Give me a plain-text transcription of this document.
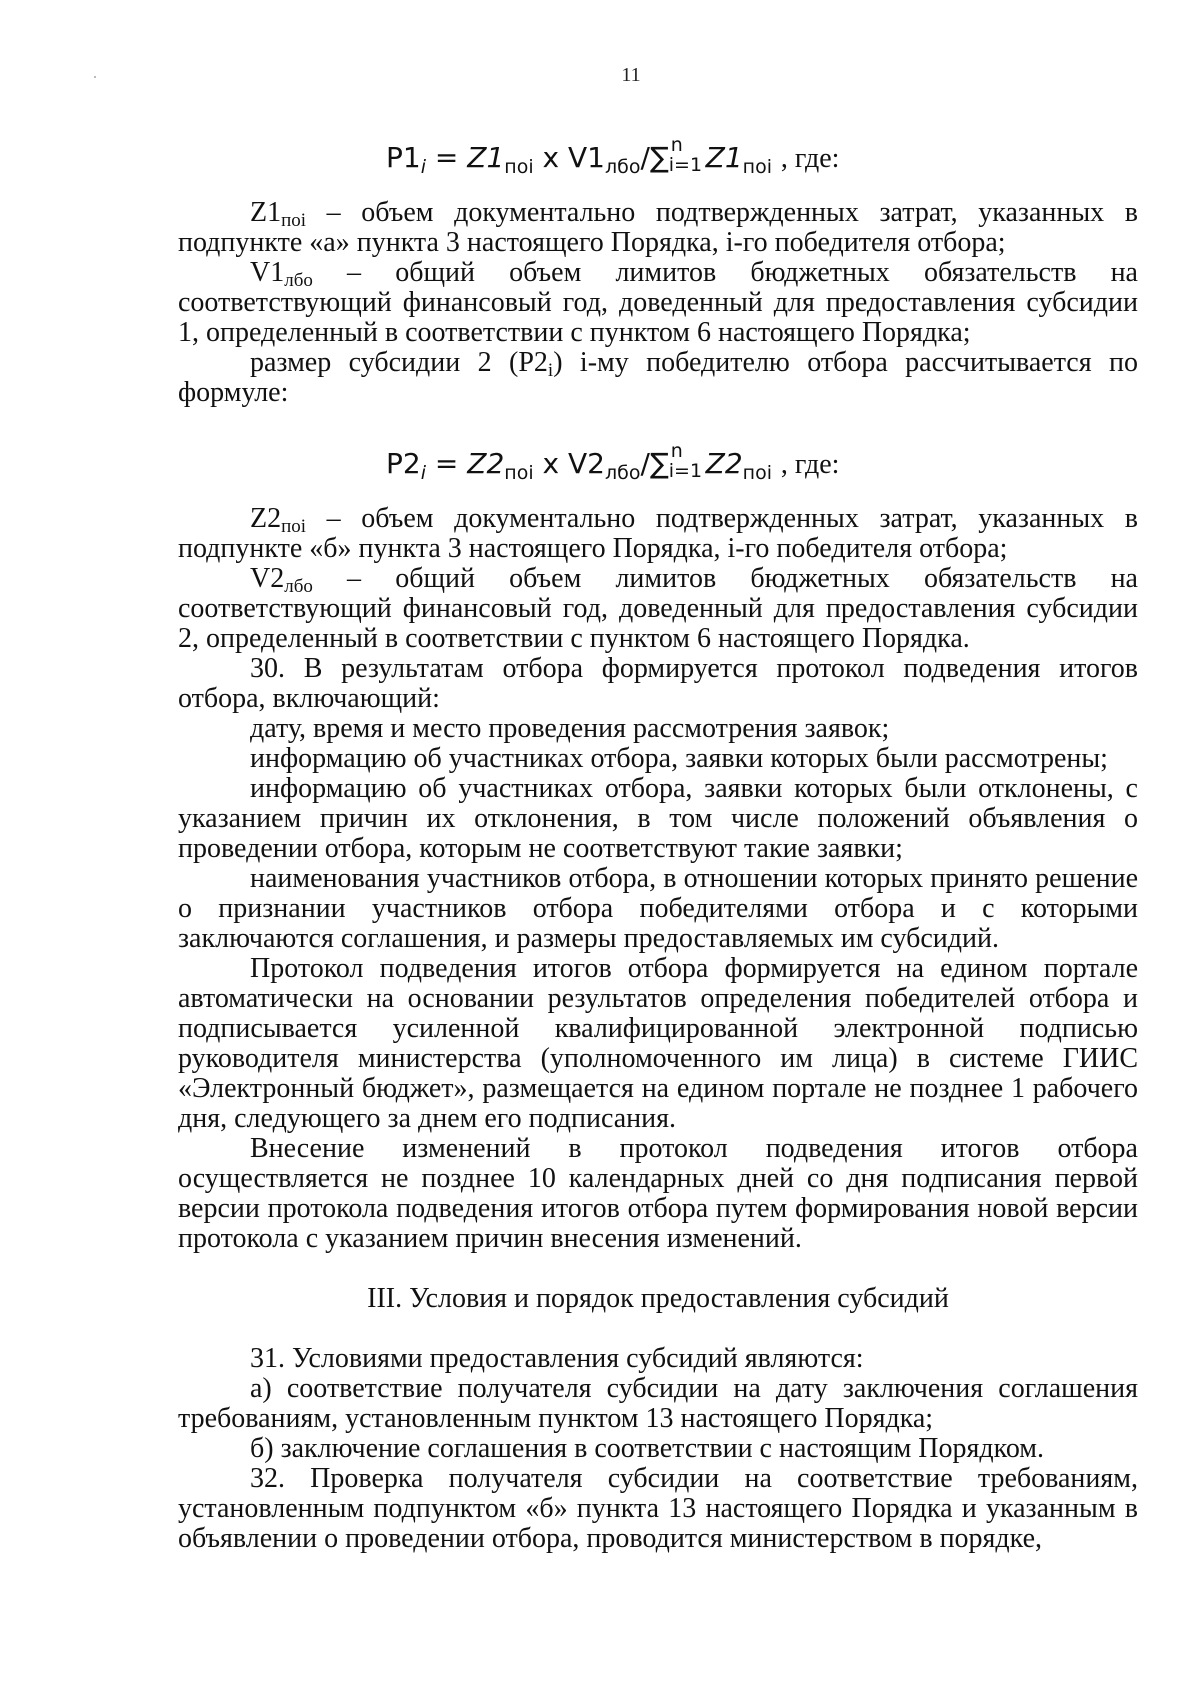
11
$P1_i = Z1_{поi}$ x $V1_{лбо}/\sum$ n
i=1 $Z1_{поi}$ , где:

$Z1_{поi}$ – объем документально подтвержденных затрат, указанных в подпункте «а» пункта 3 настоящего Порядка, i-го победителя отбора;

$V1_{лбо}$ – общий объем лимитов бюджетных обязательств на соответствующий финансовый год, доведенный для предоставления субсидии 1, определенный в соответствии с пунктом 6 настоящего Порядка;

размер субсидии 2 $(P2_i)$ i-му победителю отбора рассчитывается по формуле:

$P2_i = Z2_{поi}$ x $V2_{лбо}/\sum$ n
i=1 $Z2_{поi}$ , где:

$Z2_{поi}$ – объем документально подтвержденных затрат, указанных в подпункте «б» пункта 3 настоящего Порядка, i-го победителя отбора;

$V2_{лбо}$ – общий объем лимитов бюджетных обязательств на соответствующий финансовый год, доведенный для предоставления субсидии 2, определенный в соответствии с пунктом 6 настоящего Порядка.

30. В результатам отбора формируется протокол подведения итогов отбора, включающий:

дату, время и место проведения рассмотрения заявок;

информацию об участниках отбора, заявки которых были рассмотрены;

информацию об участниках отбора, заявки которых были отклонены, с указанием причин их отклонения, в том числе положений объявления о проведении отбора, которым не соответствуют такие заявки;

наименования участников отбора, в отношении которых принято решение о признании участников отбора победителями отбора и с которыми заключаются соглашения, и размеры предоставляемых им субсидий.

Протокол подведения итогов отбора формируется на едином портале автоматически на основании результатов определения победителей отбора и подписывается усиленной квалифицированной электронной подписью руководителя министерства (уполномоченного им лица) в системе ГИИС «Электронный бюджет», размещается на едином портале не позднее 1 рабочего дня, следующего за днем его подписания.

Внесение изменений в протокол подведения итогов отбора осуществляется не позднее 10 календарных дней со дня подписания первой версии протокола подведения итогов отбора путем формирования новой версии протокола с указанием причин внесения изменений.

III. Условия и порядок предоставления субсидий

31. Условиями предоставления субсидий являются:

а) соответствие получателя субсидии на дату заключения соглашения требованиям, установленным пунктом 13 настоящего Порядка;

б) заключение соглашения в соответствии с настоящим Порядком.

32. Проверка получателя субсидии на соответствие требованиям, установленным подпунктом «б» пункта 13 настоящего Порядка и указанным в объявлении о проведении отбора, проводится министерством в порядке,
